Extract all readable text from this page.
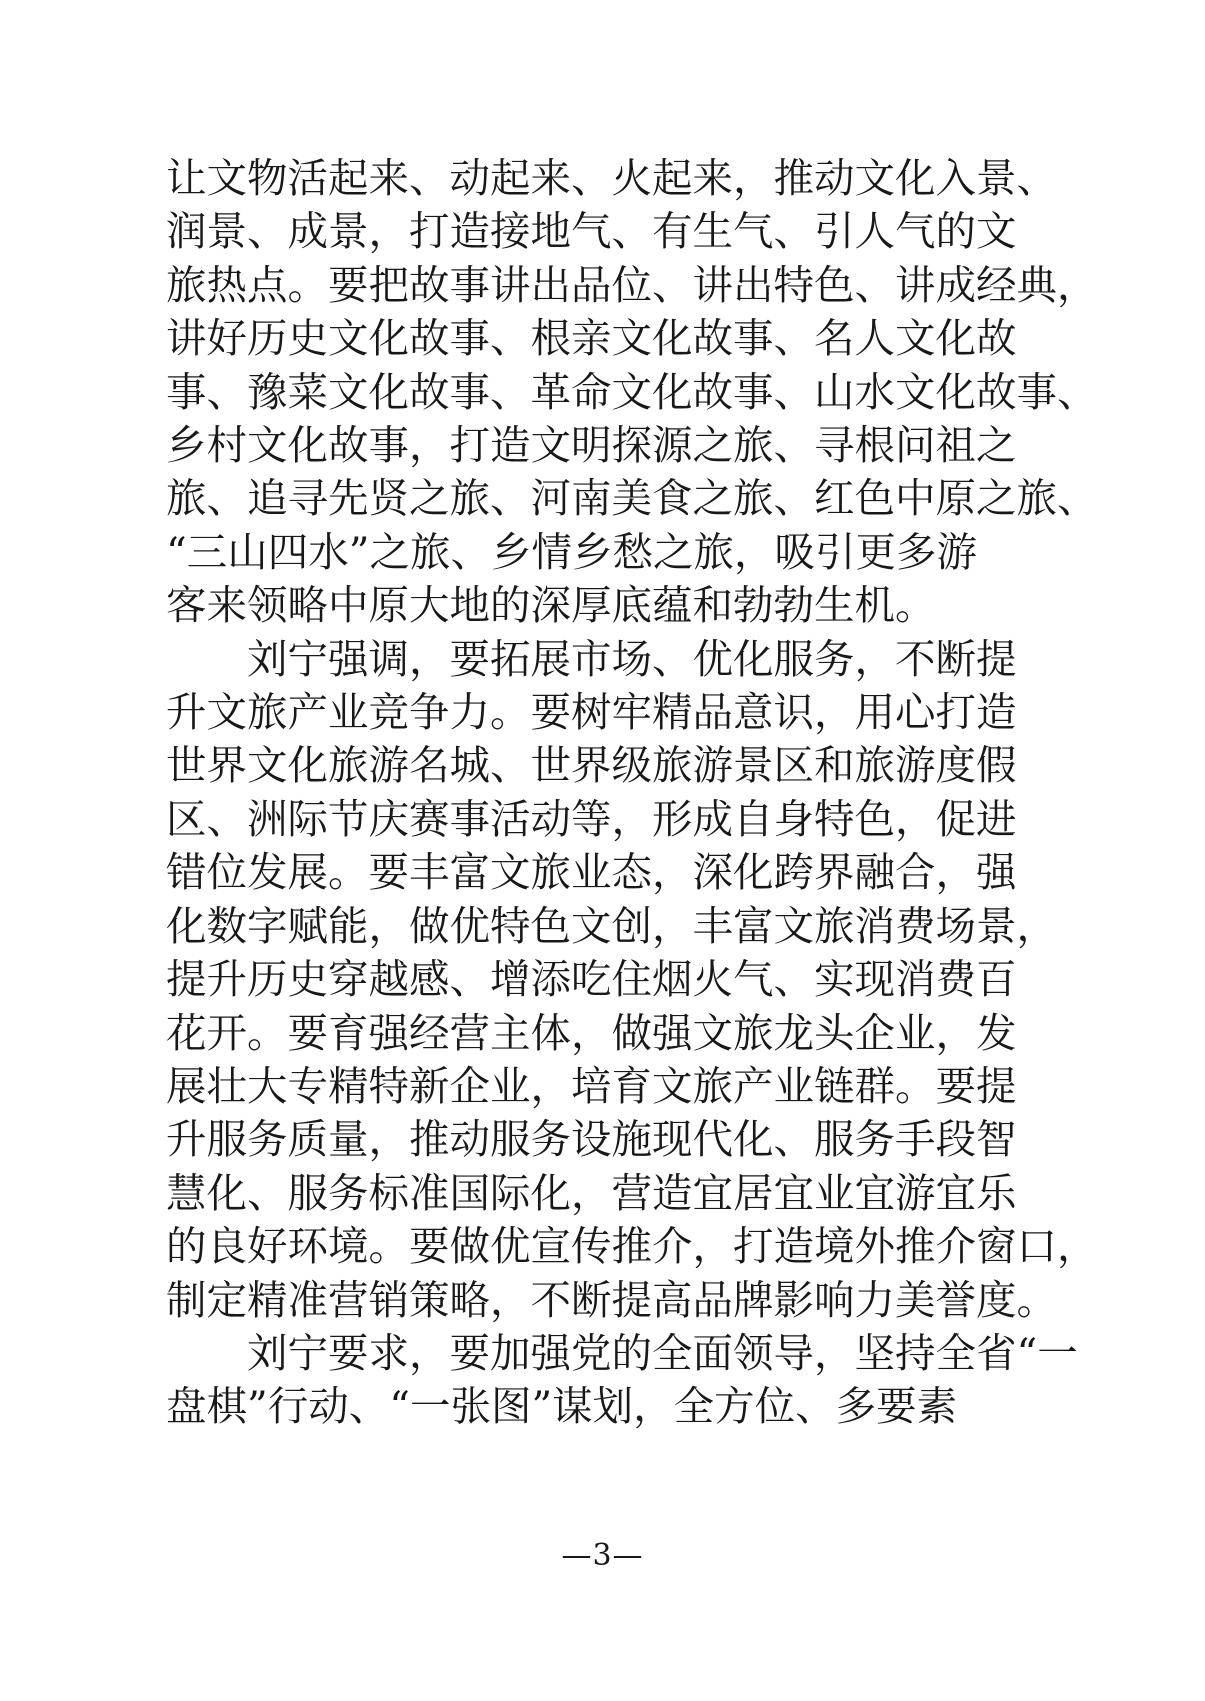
让 文 物 活 起 来 、 动 起 来 、 火 起 来 ， 推 动 文 化 入 景 、
润 景 、 成 景 ， 打 造 接 地 气 、 有 生 气 、 引 人 气 的 文
旅 热 点 。 要 把 故 事 讲 出 品 位 、 讲 出 特 色 、 讲 成 经 典 ，
讲 好 历 史 文 化 故 事 、 根 亲 文 化 故 事 、 名 人 文 化 故
事 、 豫 菜 文 化 故 事 、 革 命 文 化 故 事 、 山 水 文 化 故 事 、
乡 村 文 化 故 事 ， 打 造 文 明 探 源 之 旅 、 寻 根 问 祖 之
旅 、 追 寻 先 贤 之 旅 、 河 南 美 食 之 旅 、 红 色 中 原 之 旅 、
“ 三 山 四 水 ” 之 旅 、 乡 情 乡 愁 之 旅 ， 吸 引 更 多 游
客来领略中原大地的深厚底蕴和勃勃生机。
刘 宁 强 调 ， 要 拓 展 市 场 、 优 化 服 务 ， 不 断 提
升 文 旅 产 业 竞 争 力 。 要 树 牢 精 品 意 识 ， 用 心 打 造
世 界 文 化 旅 游 名 城 、 世 界 级 旅 游 景 区 和 旅 游 度 假
区 、 洲 际 节 庆 赛 事 活 动 等 ， 形 成 自 身 特 色 ， 促 进
错 位 发 展 。 要 丰 富 文 旅 业 态 ， 深 化 跨 界 融 合 ， 强
化 数 字 赋 能 ， 做 优 特 色 文 创 ， 丰 富 文 旅 消 费 场 景 ，
提 升 历 史 穿 越 感 、 增 添 吃 住 烟 火 气 、 实 现 消 费 百
花 开 。 要 育 强 经 营 主 体 ， 做 强 文 旅 龙 头 企 业 ， 发
展 壮 大 专 精 特 新 企 业 ， 培 育 文 旅 产 业 链 群 。 要 提
升 服 务 质 量 ， 推 动 服 务 设 施 现 代 化 、 服 务 手 段 智
慧 化 、 服 务 标 准 国 际 化 ， 营 造 宜 居 宜 业 宜 游 宜 乐
的 良 好 环 境 。 要 做 优 宣 传 推 介 ， 打 造 境 外 推 介 窗 口 ，
制 定 精 准 营 销 策 略 ， 不 断 提 高 品 牌 影 响 力 美 誉 度 。
刘 宁 要 求 ， 要 加 强 党 的 全 面 领 导 ， 坚 持 全 省 “ 一
盘 棋 ” 行 动 、 “ 一 张 图 ” 谋 划 ， 全 方 位 、 多 要 素
—3—
